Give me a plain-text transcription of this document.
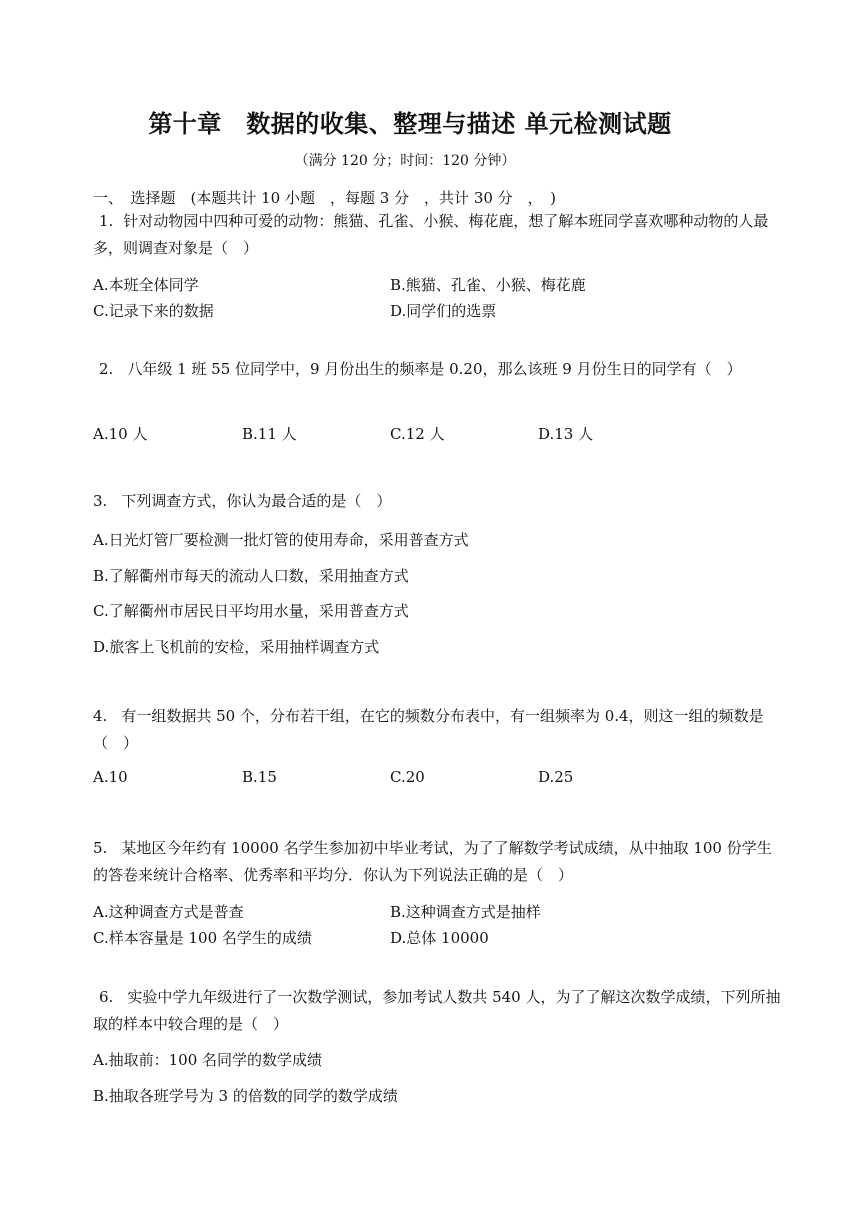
第十章　数据的收集、整理与描述 单元检测试题
（满分 120 分；时间：120 分钟）
一、　选择题　(本题共计 10 小题　，每题 3 分　，共计 30 分　，　)
1. 针对动物园中四种可爱的动物：熊猫、孔雀、小猴、梅花鹿，想了解本班同学喜欢哪种动物的人最多，则调查对象是（　）
A.本班全体同学	B.熊猫、孔雀、小猴、梅花鹿
C.记录下来的数据	D.同学们的选票
2. 八年级 1 班 55 位同学中，9 月份出生的频率是 0.20，那么该班 9 月份生日的同学有（　）
A.10 人	B.11 人	C.12 人	D.13 人
3. 下列调查方式，你认为最合适的是（　）
A.日光灯管厂要检测一批灯管的使用寿命，采用普查方式
B.了解衢州市每天的流动人口数，采用抽查方式
C.了解衢州市居民日平均用水量，采用普查方式
D.旅客上飞机前的安检，采用抽样调查方式
4. 有一组数据共 50 个，分布若干组，在它的频数分布表中，有一组频率为 0.4，则这一组的频数是（　）
A.10	B.15	C.20	D.25
5. 某地区今年约有 10000 名学生参加初中毕业考试，为了了解数学考试成绩，从中抽取 100 份学生的答卷来统计合格率、优秀率和平均分．你认为下列说法正确的是（　）
A.这种调查方式是普查	B.这种调查方式是抽样
C.样本容量是 100 名学生的成绩	D.总体 10000
6. 实验中学九年级进行了一次数学测试，参加考试人数共 540 人，为了了解这次数学成绩，下列所抽取的样本中较合理的是（　）
A.抽取前：100 名同学的数学成绩
B.抽取各班学号为 3 的倍数的同学的数学成绩
